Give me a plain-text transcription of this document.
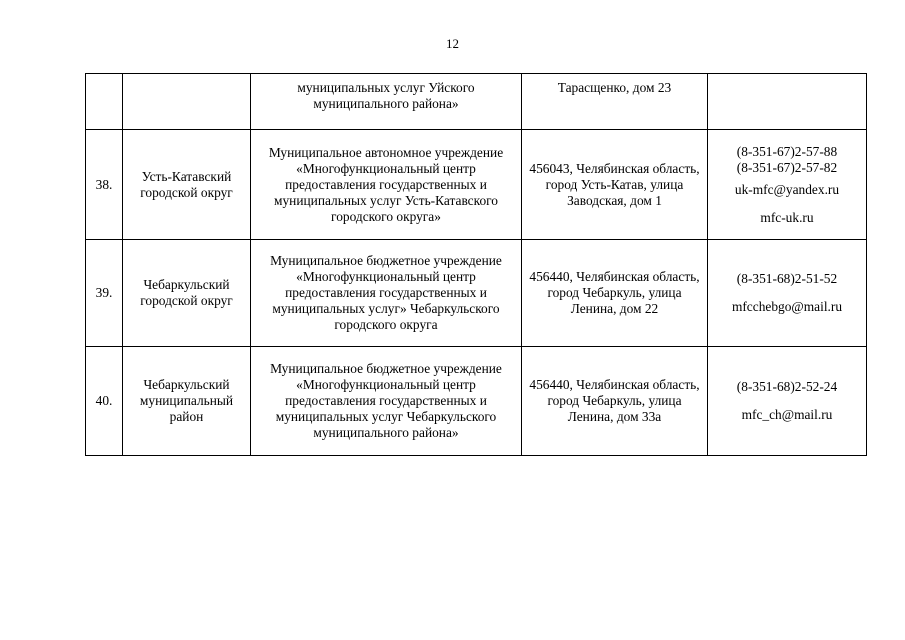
12
		муниципальных услуг Уйского муниципального района»	Тарасщенко, дом 23	
38.	Усть-Катавский городской округ	Муниципальное автономное учреждение «Многофункциональный центр предоставления государственных и муниципальных услуг Усть-Катавского городского округа»	456043, Челябинская область, город Усть-Катав, улица Заводская, дом 1	(8-351-67)2-57-88
(8-351-67)2-57-82
uk-mfc@yandex.ru
mfc-uk.ru

39.	Чебаркульский городской округ	Муниципальное бюджетное учреждение «Многофункциональный центр предоставления государственных и муниципальных услуг» Чебаркульского городского округа	456440, Челябинская область, город Чебаркуль, улица Ленина, дом 22	(8-351-68)2-51-52
mfcchebgo@mail.ru

40.	Чебаркульский муниципальный район	Муниципальное бюджетное учреждение «Многофункциональный центр предоставления государственных и муниципальных услуг Чебаркульского муниципального района»	456440, Челябинская область, город Чебаркуль, улица Ленина, дом 33а	(8-351-68)2-52-24
mfc_ch@mail.ru
